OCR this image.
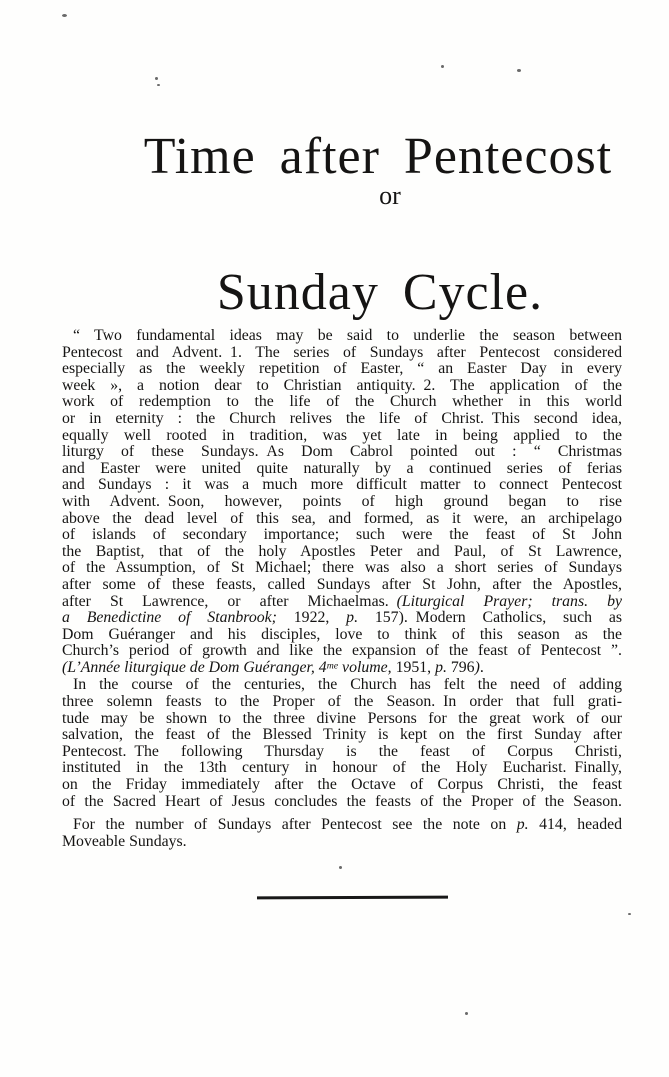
Time after Pentecost
or
Sunday Cycle.
“ Two fundamental ideas may be said to underlie the season between
Pentecost and Advent. 1. The series of Sundays after Pentecost considered
especially as the weekly repetition of Easter, “ an Easter Day in every
week », a notion dear to Christian antiquity. 2. The application of the
work of redemption to the life of the Church whether in this world
or in eternity : the Church relives the life of Christ. This second idea,
equally well rooted in tradition, was yet late in being applied to the
liturgy of these Sundays. As Dom Cabrol pointed out : “ Christmas
and Easter were united quite naturally by a continued series of ferias
and Sundays : it was a much more difficult matter to connect Pentecost
with Advent. Soon, however, points of high ground began to rise
above the dead level of this sea, and formed, as it were, an archipelago
of islands of secondary importance; such were the feast of St John
the Baptist, that of the holy Apostles Peter and Paul, of St Lawrence,
of the Assumption, of St Michael; there was also a short series of Sundays
after some of these feasts, called Sundays after St John, after the Apostles,
after St Lawrence, or after Michaelmas. (Liturgical Prayer; trans. by
a Benedictine of Stanbrook; 1922, p. 157). Modern Catholics, such as
Dom Guéranger and his disciples, love to think of this season as the
Church’s period of growth and like the expansion of the feast of Pentecost ”.
(L’Année liturgique de Dom Guéranger, $4^{me}$ volume, 1951, p. 796).
In the course of the centuries, the Church has felt the need of adding
three solemn feasts to the Proper of the Season. In order that full grati-
tude may be shown to the three divine Persons for the great work of our
salvation, the feast of the Blessed Trinity is kept on the first Sunday after
Pentecost. The following Thursday is the feast of Corpus Christi,
instituted in the 13th century in honour of the Holy Eucharist. Finally,
on the Friday immediately after the Octave of Corpus Christi, the feast
of the Sacred Heart of Jesus concludes the feasts of the Proper of the Season.
For the number of Sundays after Pentecost see the note on p. 414, headed
Moveable Sundays.
